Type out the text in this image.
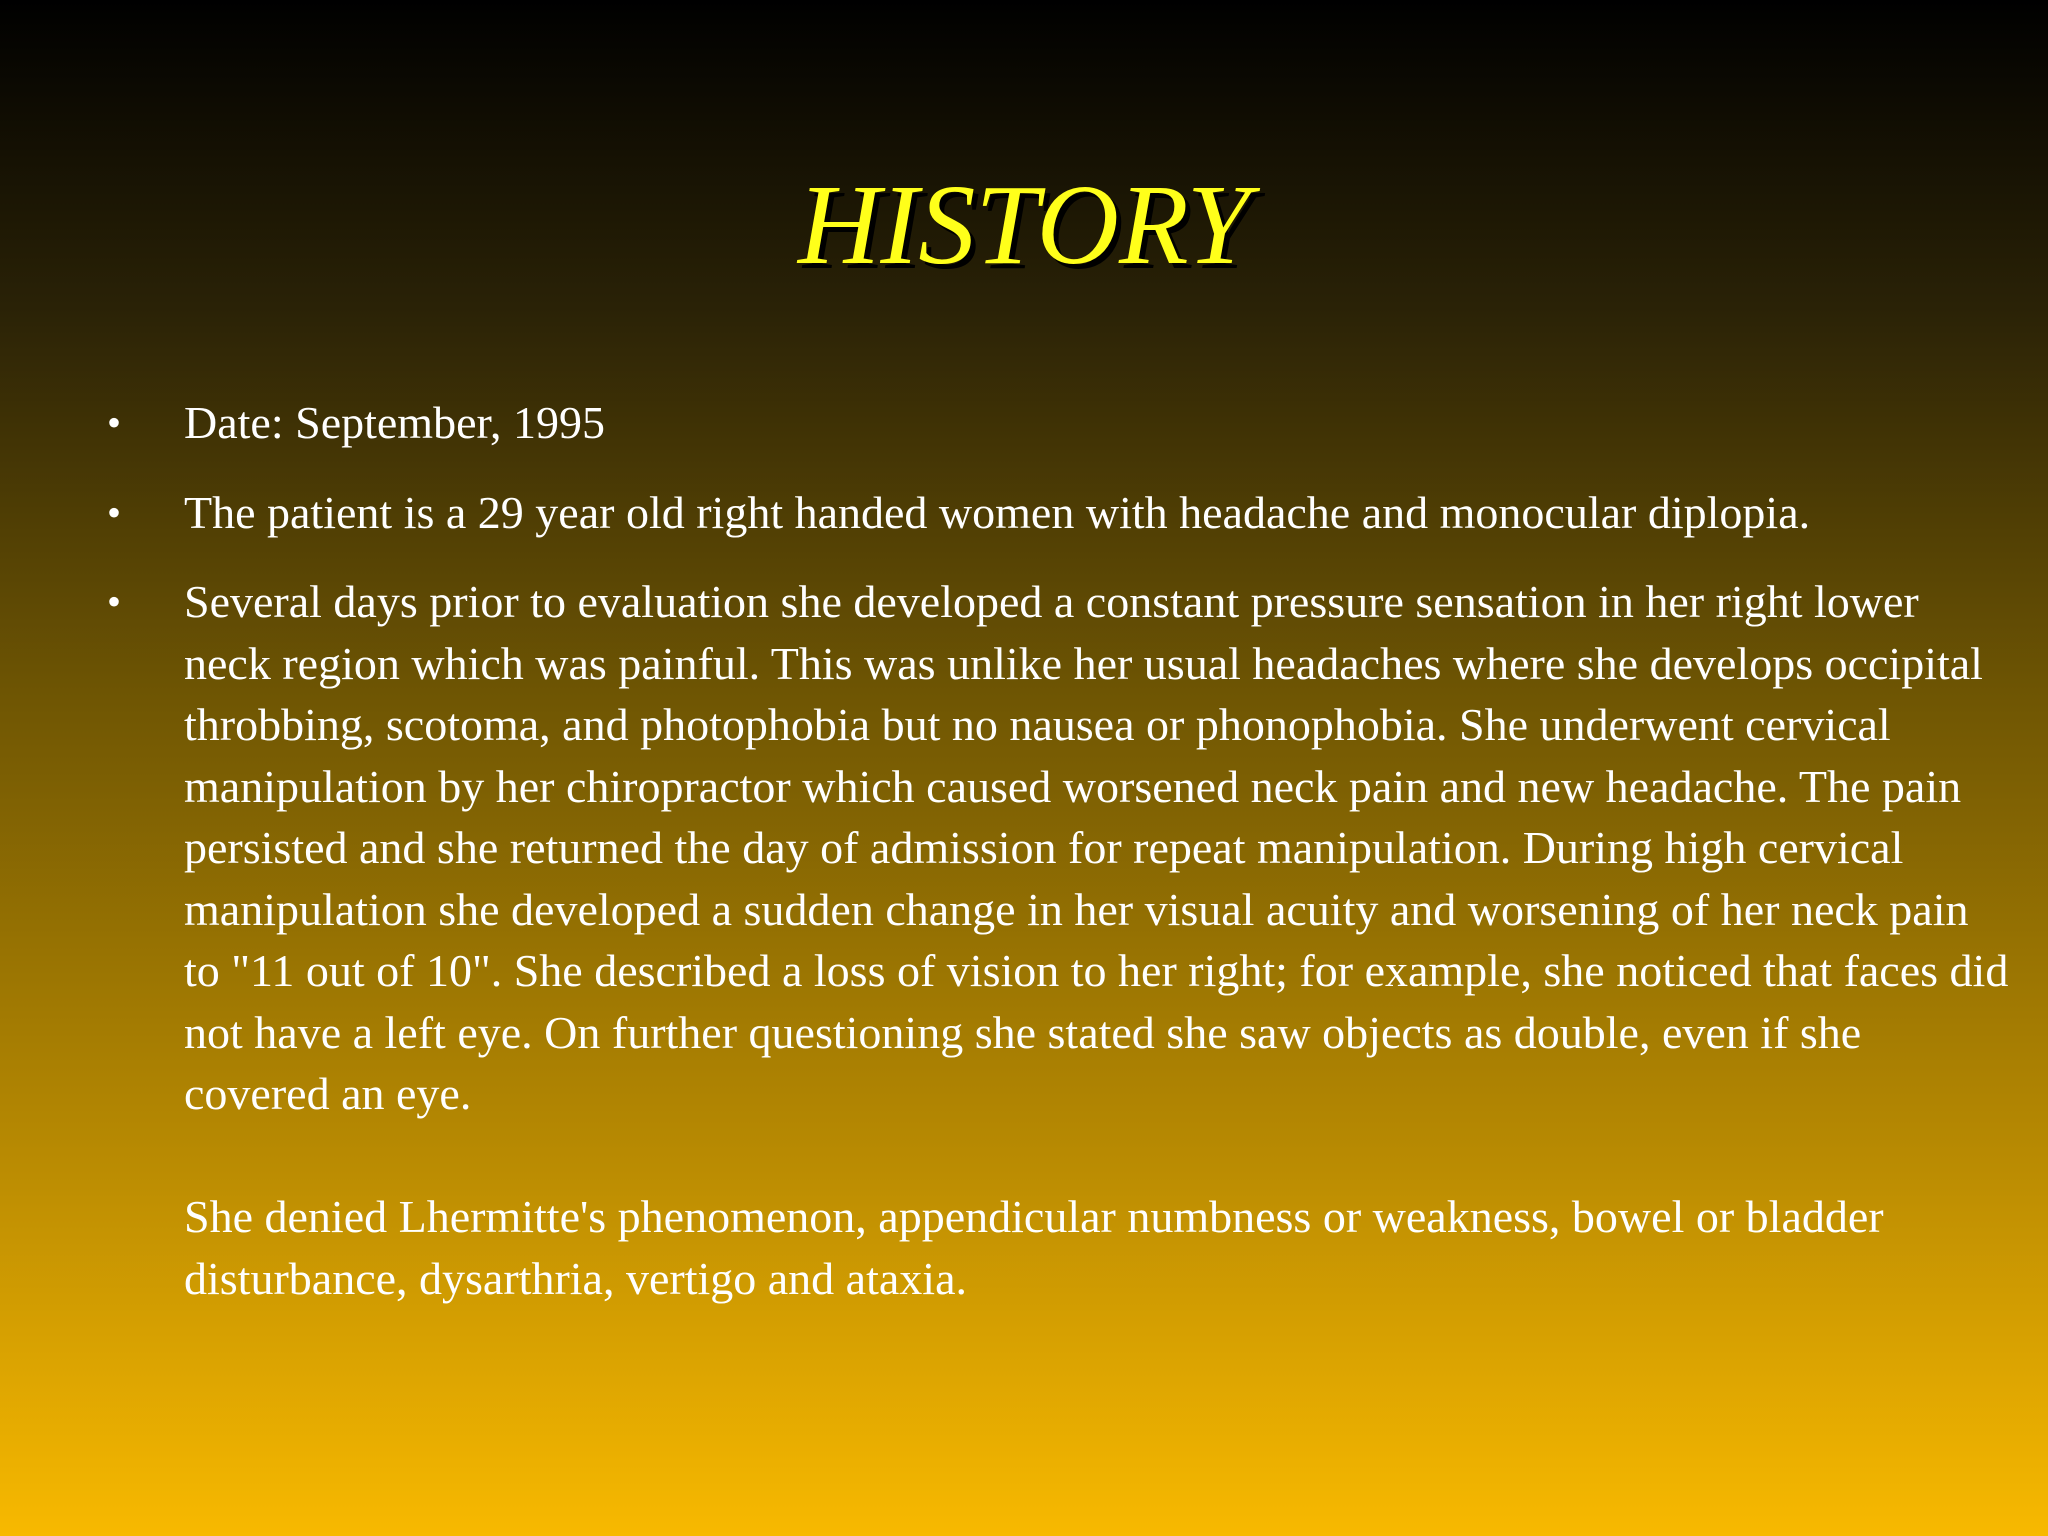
HISTORY
• Date: September, 1995

• The patient is a 29 year old right handed women with headache and monocular diplopia.

• Several days prior to evaluation she developed a constant pressure sensation in her right lower neck region which was painful. This was unlike her usual headaches where she develops occipital throbbing, scotoma, and photophobia but no nausea or phonophobia. She underwent cervical manipulation by her chiropractor which caused worsened neck pain and new headache. The pain persisted and she returned the day of admission for repeat manipulation. During high cervical manipulation she developed a sudden change in her visual acuity and worsening of her neck pain to "11 out of 10". She described a loss of vision to her right; for example, she noticed that faces did not have a left eye. On further questioning she stated she saw objects as double, even if she covered an eye.

She denied Lhermitte's phenomenon, appendicular numbness or weakness, bowel or bladder disturbance, dysarthria, vertigo and ataxia.
